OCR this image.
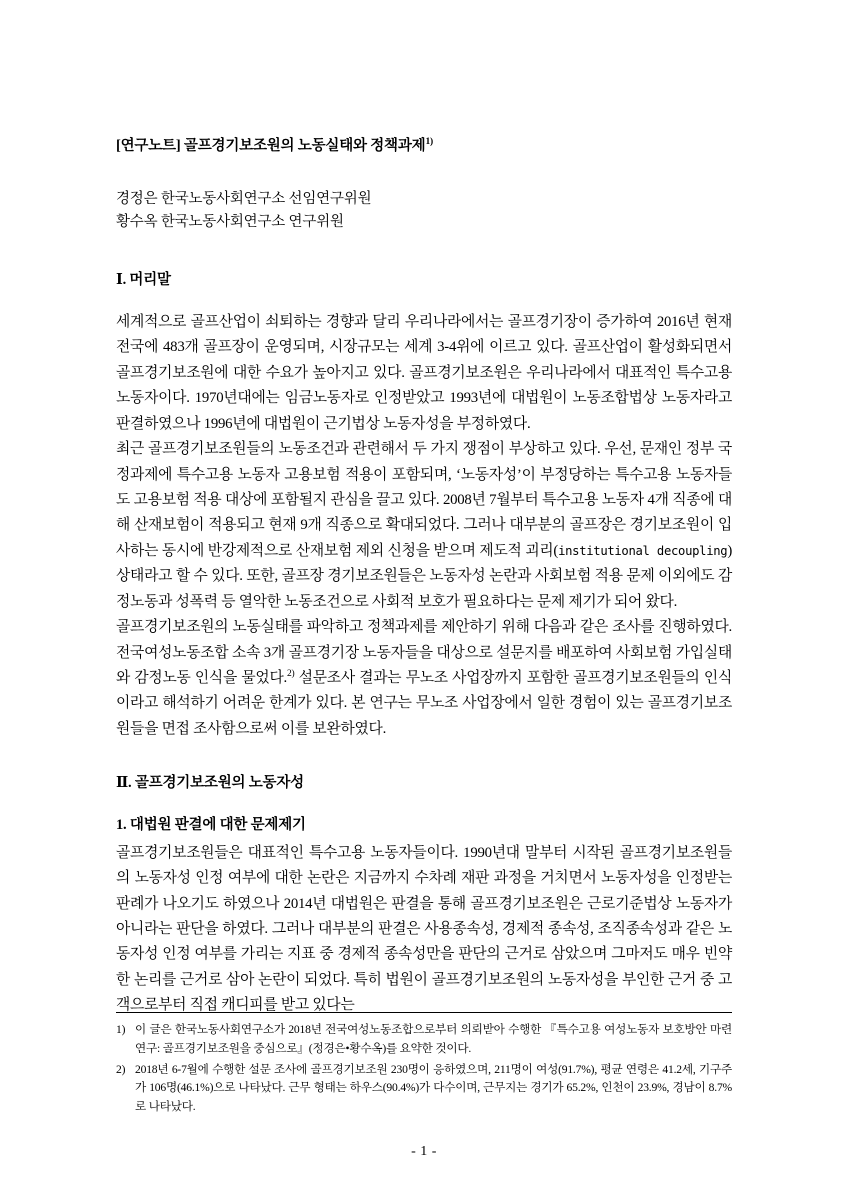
[연구노트] 골프경기보조원의 노동실태와 정책과제$^{1)}$
경정은 한국노동사회연구소 선임연구위원
황수옥 한국노동사회연구소 연구위원
Ⅰ. 머리말

세계적으로 골프산업이 쇠퇴하는 경향과 달리 우리나라에서는 골프경기장이 증가하여 2016년 현재 전국에 483개 골프장이 운영되며, 시장규모는 세계 3-4위에 이르고 있다. 골프산업이 활성화되면서 골프경기보조원에 대한 수요가 높아지고 있다. 골프경기보조원은 우리나라에서 대표적인 특수고용 노동자이다. 1970년대에는 임금노동자로 인정받았고 1993년에 대법원이 노동조합법상 노동자라고 판결하였으나 1996년에 대법원이 근기법상 노동자성을 부정하였다.

최근 골프경기보조원들의 노동조건과 관련해서 두 가지 쟁점이 부상하고 있다. 우선, 문재인 정부 국정과제에 특수고용 노동자 고용보험 적용이 포함되며, ‘노동자성’이 부정당하는 특수고용 노동자들도 고용보험 적용 대상에 포함될지 관심을 끌고 있다. 2008년 7월부터 특수고용 노동자 4개 직종에 대해 산재보험이 적용되고 현재 9개 직종으로 확대되었다. 그러나 대부분의 골프장은 경기보조원이 입사하는 동시에 반강제적으로 산재보험 제외 신청을 받으며 제도적 괴리(institutional decoupling) 상태라고 할 수 있다. 또한, 골프장 경기보조원들은 노동자성 논란과 사회보험 적용 문제 이외에도 감정노동과 성폭력 등 열악한 노동조건으로 사회적 보호가 필요하다는 문제 제기가 되어 왔다.

골프경기보조원의 노동실태를 파악하고 정책과제를 제안하기 위해 다음과 같은 조사를 진행하였다. 전국여성노동조합 소속 3개 골프경기장 노동자들을 대상으로 설문지를 배포하여 사회보험 가입실태와 감정노동 인식을 물었다.$^{2)}$ 설문조사 결과는 무노조 사업장까지 포함한 골프경기보조원들의 인식이라고 해석하기 어려운 한계가 있다. 본 연구는 무노조 사업장에서 일한 경험이 있는 골프경기보조원들을 면접 조사함으로써 이를 보완하였다.

Ⅱ. 골프경기보조원의 노동자성
1. 대법원 판결에 대한 문제제기

골프경기보조원들은 대표적인 특수고용 노동자들이다. 1990년대 말부터 시작된 골프경기보조원들의 노동자성 인정 여부에 대한 논란은 지금까지 수차례 재판 과정을 거치면서 노동자성을 인정받는 판례가 나오기도 하였으나 2014년 대법원은 판결을 통해 골프경기보조원은 근로기준법상 노동자가 아니라는 판단을 하였다. 그러나 대부분의 판결은 사용종속성, 경제적 종속성, 조직종속성과 같은 노동자성 인정 여부를 가리는 지표 중 경제적 종속성만을 판단의 근거로 삼았으며 그마저도 매우 빈약한 논리를 근거로 삼아 논란이 되었다. 특히 법원이 골프경기보조원의 노동자성을 부인한 근거 중 고객으로부터 직접 캐디피를 받고 있다는

1) 이 글은 한국노동사회연구소가 2018년 전국여성노동조합으로부터 의뢰받아 수행한 『특수고용 여성노동자 보호방안 마련 연구: 골프경기보조원을 중심으로』(정경은•황수옥)를 요약한 것이다.
2) 2018년 6-7월에 수행한 설문 조사에 골프경기보조원 230명이 응하였으며, 211명이 여성(91.7%), 평균 연령은 41.2세, 기구주가 106명(46.1%)으로 나타났다. 근무 형태는 하우스(90.4%)가 다수이며, 근무지는 경기가 65.2%, 인천이 23.9%, 경남이 8.7%로 나타났다.
- 1 -
